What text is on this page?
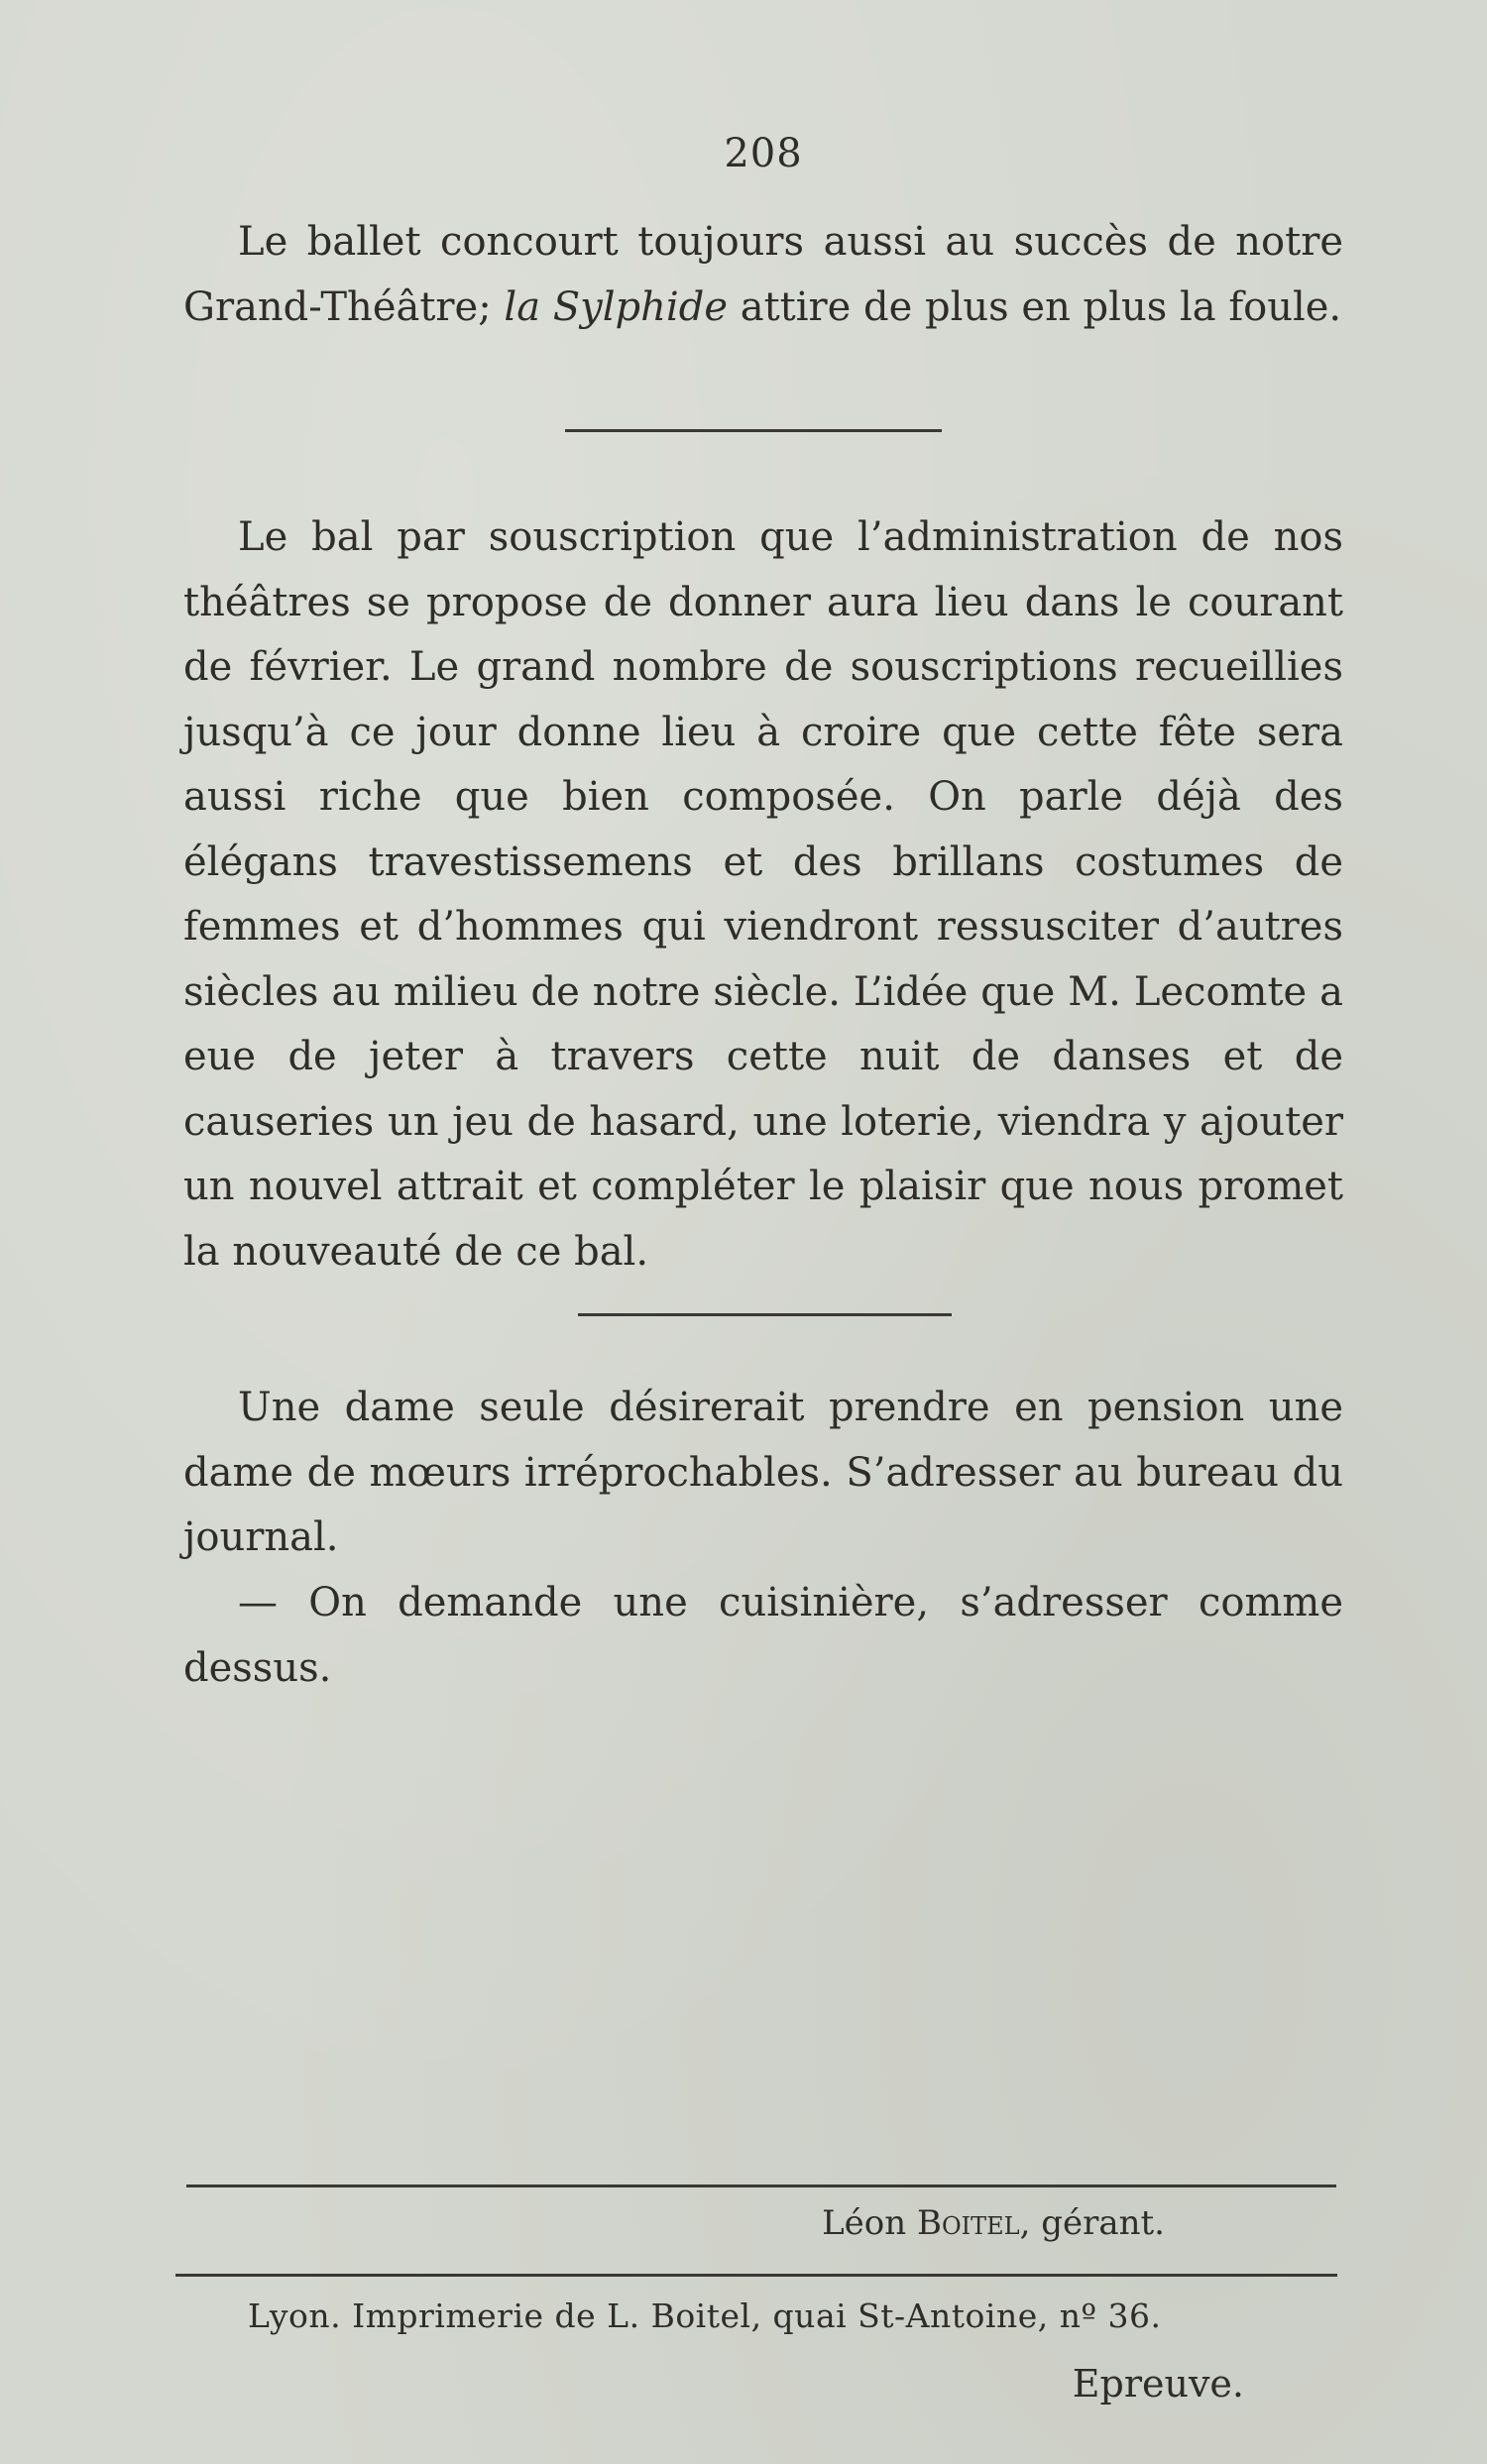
208

Le ballet concourt toujours aussi au succès de notre Grand-Théâtre; la Sylphide attire de plus en plus la foule.

Le bal par souscription que l’administration de nos théâtres se propose de donner aura lieu dans le courant de février. Le grand nombre de souscriptions recueillies jusqu’à ce jour donne lieu à croire que cette fête sera aussi riche que bien composée. On parle déjà des élégans travestissemens et des brillans costumes de femmes et d’hommes qui viendront ressusciter d’autres siècles au milieu de notre siècle. L’idée que M. Lecomte a eue de jeter à travers cette nuit de danses et de causeries un jeu de hasard, une loterie, viendra y ajouter un nouvel attrait et compléter le plaisir que nous promet la nouveauté de ce bal.

Une dame seule désirerait prendre en pension une dame de mœurs irréprochables. S’adresser au bureau du journal.

— On demande une cuisinière, s’adresser comme dessus.

Léon Boitel, gérant.
Lyon. Imprimerie de L. Boitel, quai St-Antoine, nº 36.
Epreuve.
